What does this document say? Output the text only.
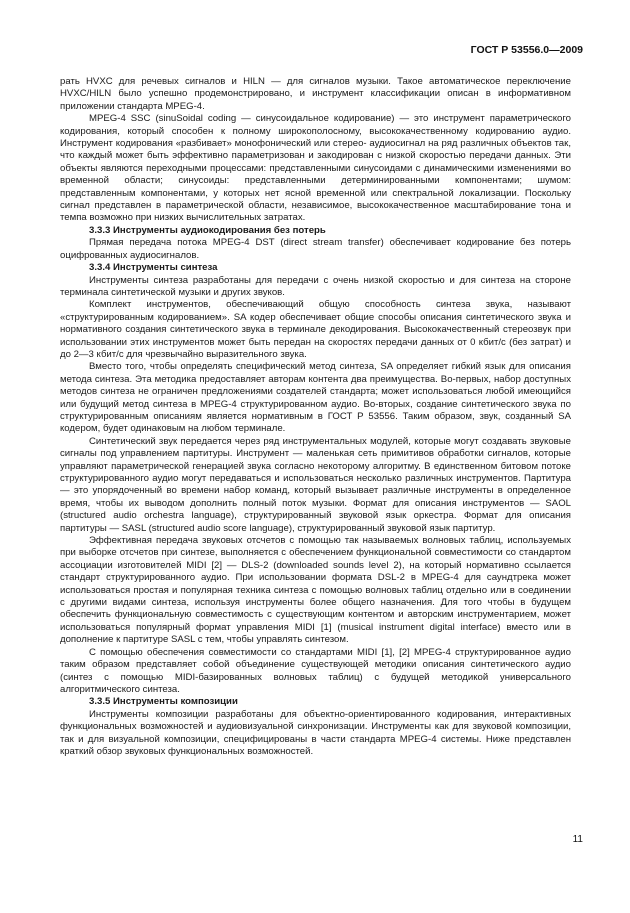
ГОСТ Р 53556.0—2009

рать HVXC для речевых сигналов и HILN — для сигналов музыки. Такое автоматическое переключение HVXC/HILN было успешно продемонстрировано, и инструмент классификации описан в информативном приложении стандарта MPEG-4.

MPEG-4 SSC (sinuSoidal coding — синусоидальное кодирование) — это инструмент параметрического кодирования, который способен к полному широкополосному, высококачественному кодированию аудио. Инструмент кодирования «разбивает» монофонический или стерео- аудиосигнал на ряд различных объектов так, что каждый может быть эффективно параметризован и закодирован с низкой скоростью передачи данных. Эти объекты являются переходными процессами: представленными синусоидами с динамическими изменениями во временной области; синусоиды: представленными детерминированными компонентами; шумом: представленным компонентами, у которых нет ясной временной или спектральной локализации. Поскольку сигнал представлен в параметрической области, независимое, высококачественное масштабирование тона и темпа возможно при низких вычислительных затратах.

3.3.3 Инструменты аудиокодирования без потерь

Прямая передача потока MPEG-4 DST (direct stream transfer) обеспечивает кодирование без потерь оцифрованных аудиосигналов.

3.3.4 Инструменты синтеза

Инструменты синтеза разработаны для передачи с очень низкой скоростью и для синтеза на стороне терминала синтетической музыки и других звуков.

Комплект инструментов, обеспечивающий общую способность синтеза звука, называют «структурированным кодированием». SA кодер обеспечивает общие способы описания синтетического звука и нормативного создания синтетического звука в терминале декодирования. Высококачественный стереозвук при использовании этих инструментов может быть передан на скоростях передачи данных от 0 кбит/с (без затрат) и до 2—3 кбит/с для чрезвычайно выразительного звука.

Вместо того, чтобы определять специфический метод синтеза, SA определяет гибкий язык для описания метода синтеза. Эта методика предоставляет авторам контента два преимущества. Во-первых, набор доступных методов синтеза не ограничен предложениями создателей стандарта; может использоваться любой имеющийся или будущий метод синтеза в MPEG-4 структурированном аудио. Во-вторых, создание синтетического звука по структурированным описаниям является нормативным в ГОСТ Р 53556. Таким образом, звук, созданный SA кодером, будет одинаковым на любом терминале.

Синтетический звук передается через ряд инструментальных модулей, которые могут создавать звуковые сигналы под управлением партитуры. Инструмент — маленькая сеть примитивов обработки сигналов, которые управляют параметрической генерацией звука согласно некоторому алгоритму. В единственном битовом потоке структурированного аудио могут передаваться и использоваться несколько различных инструментов. Партитура — это упорядоченный во времени набор команд, который вызывает различные инструменты в определенное время, чтобы их выводом дополнить полный поток музыки. Формат для описания инструментов — SAOL (structured audio orchestra language), структурированный звуковой язык оркестра. Формат для описания партитуры — SASL (structured audio score language), структурированный звуковой язык партитур.

Эффективная передача звуковых отсчетов с помощью так называемых волновых таблиц, используемых при выборке отсчетов при синтезе, выполняется с обеспечением функциональной совместимости со стандартом ассоциации изготовителей MIDI [2] — DLS-2 (downloaded sounds level 2), на который нормативно ссылается стандарт структурированного аудио. При использовании формата DSL-2 в MPEG-4 для саундтрека может использоваться простая и популярная техника синтеза с помощью волновых таблиц отдельно или в соединении с другими видами синтеза, используя инструменты более общего назначения. Для того чтобы в будущем обеспечить функциональную совместимость с существующим контентом и авторским инструментарием, может использоваться популярный формат управления MIDI [1] (musical instrument digital interface) вместо или в дополнение к партитуре SASL с тем, чтобы управлять синтезом.

С помощью обеспечения совместимости со стандартами MIDI [1], [2] MPEG-4 структурированное аудио таким образом представляет собой объединение существующей методики описания синтетического аудио (синтез с помощью MIDI-базированных волновых таблиц) с будущей методикой универсального алгоритмического синтеза.

3.3.5 Инструменты композиции

Инструменты композиции разработаны для объектно-ориентированного кодирования, интерактивных функциональных возможностей и аудиовизуальной синхронизации. Инструменты как для звуковой композиции, так и для визуальной композиции, специфицированы в части стандарта MPEG-4 системы. Ниже представлен краткий обзор звуковых функциональных возможностей.

11
